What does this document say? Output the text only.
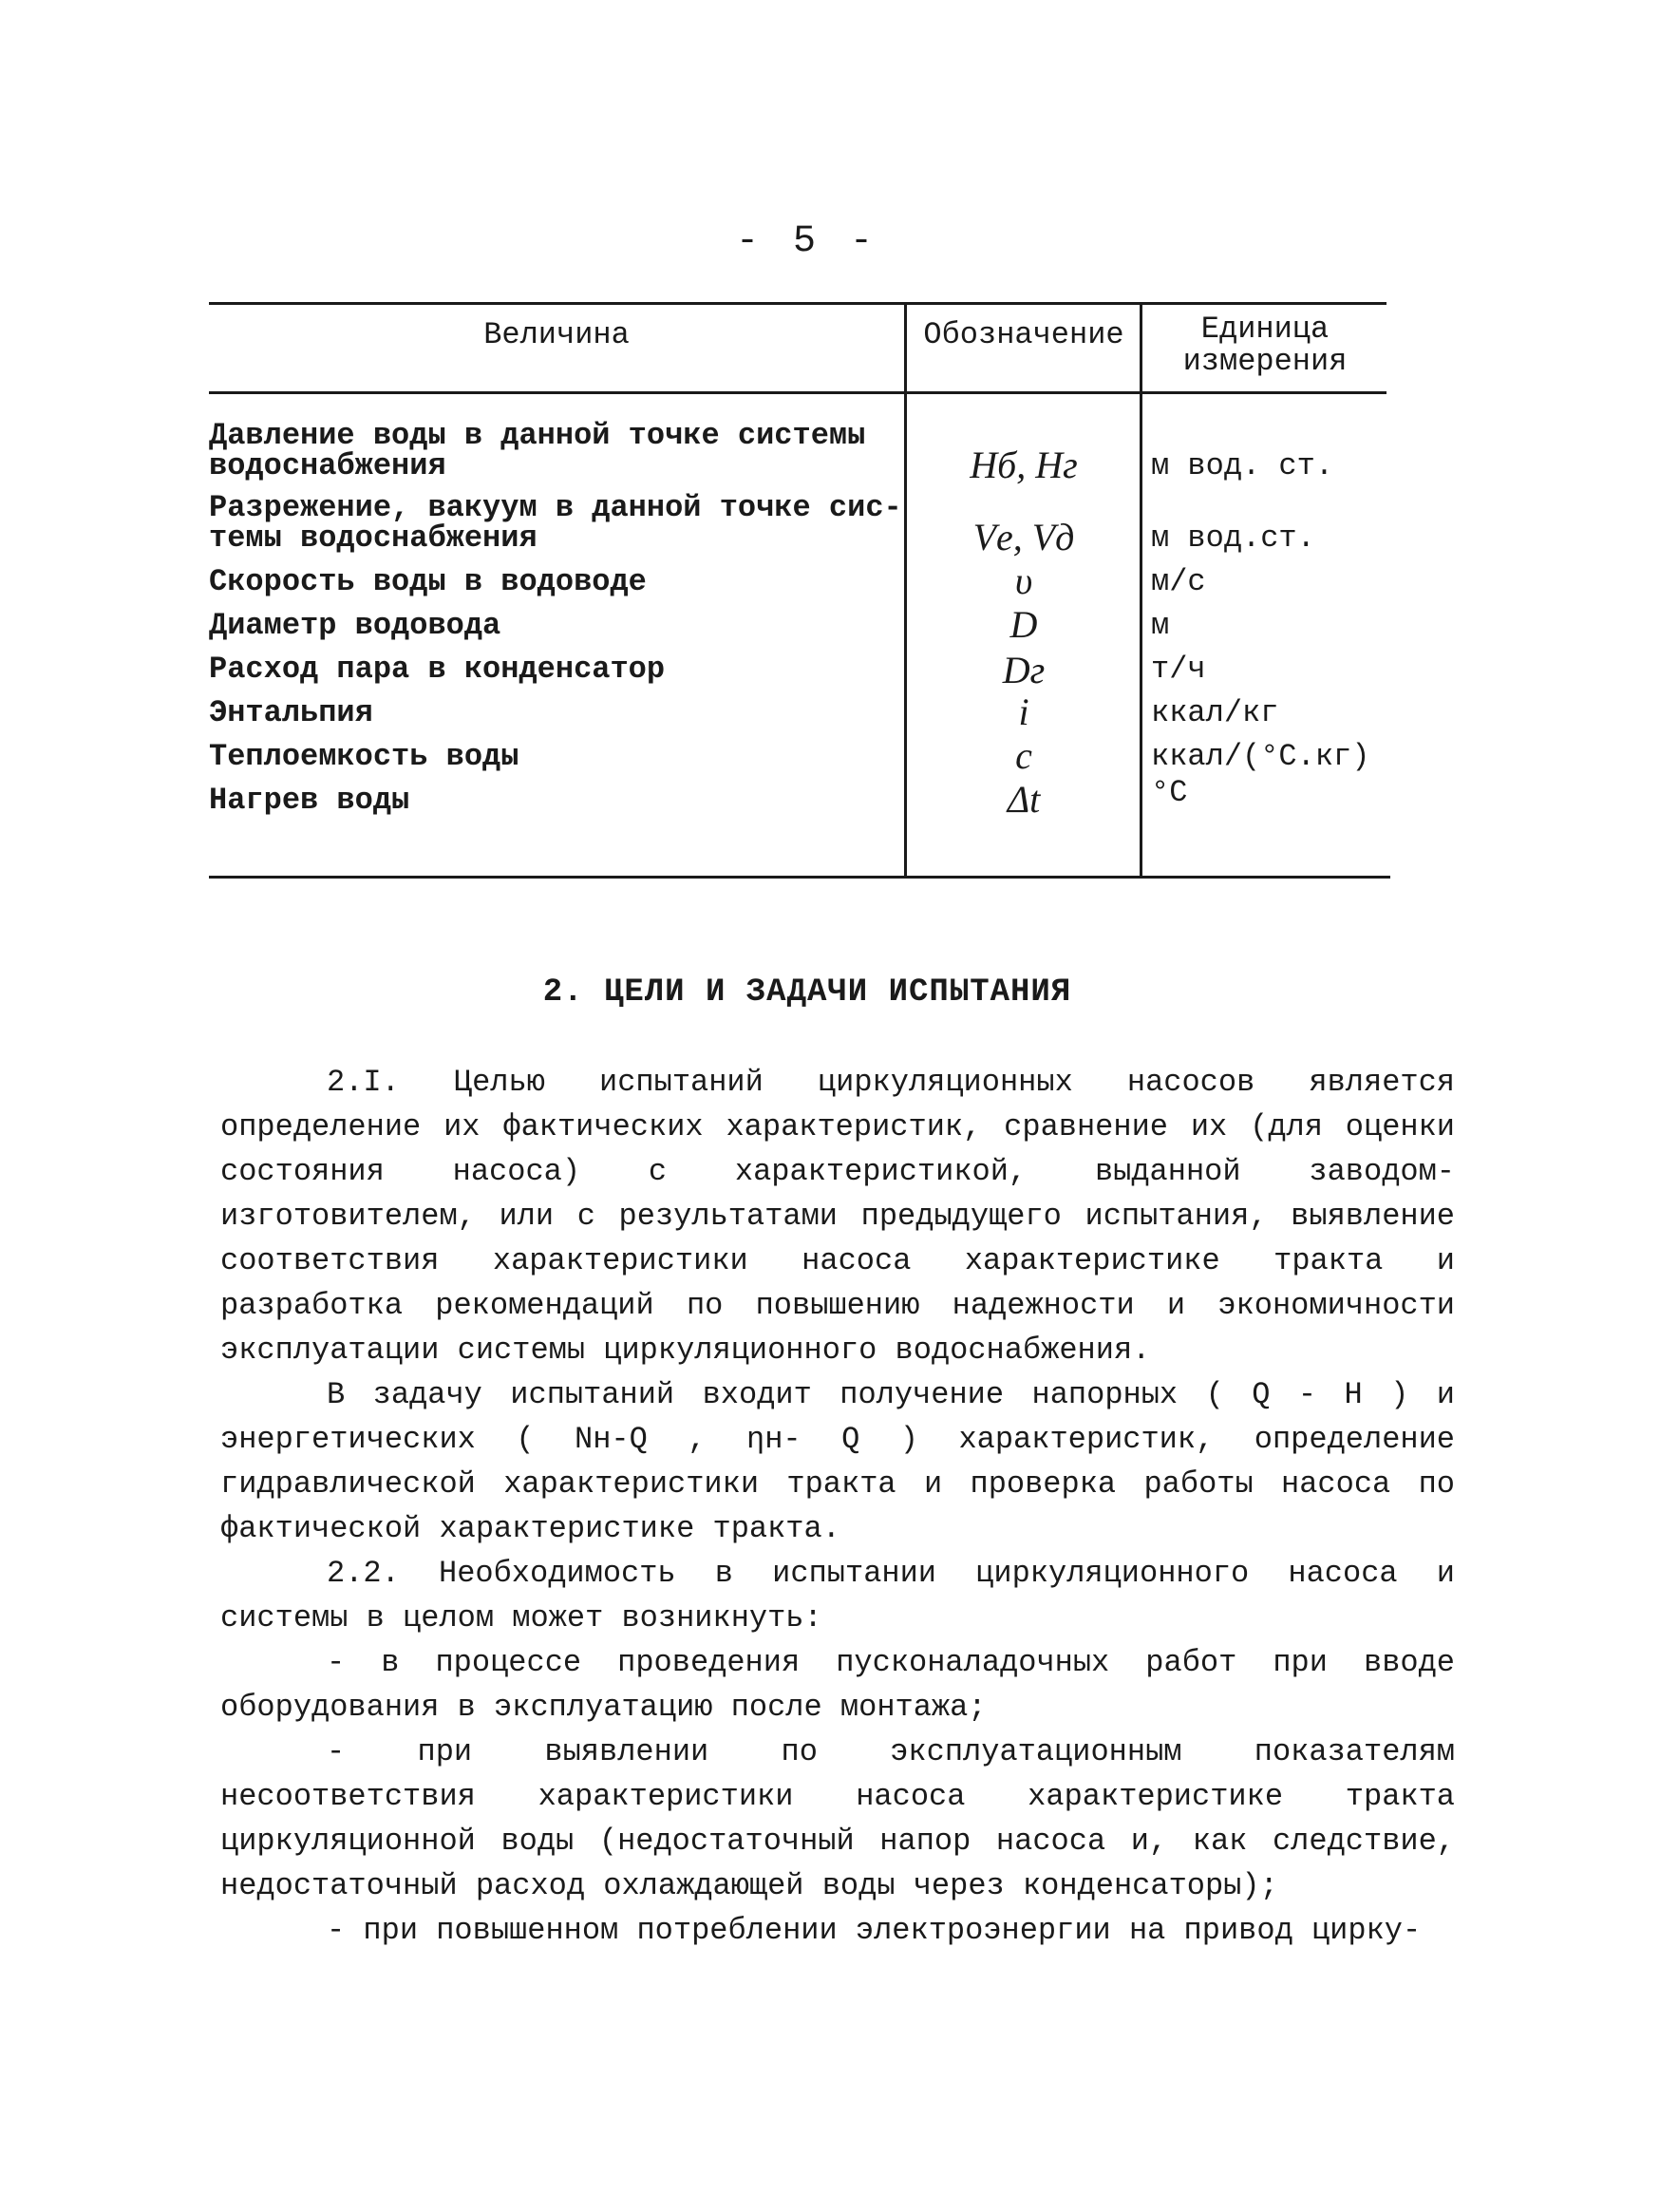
- 5 -
Величина	Обозначение	Единица
измерения
Давление воды в данной точке системы
водоснабжения	Hб, Hг	м вод. ст.
Разрежение, вакуум в данной точке сис-
темы водоснабжения	Vе, Vд	м вод.ст.
Скорость воды в водоводе	υ	м/с
Диаметр водовода	D	м
Расход пара в конденсатор	Dг	т/ч
Энтальпия	i	ккал/кг
Теплоемкость воды	c	ккал/(°С.кг)
Нагрев воды	Δt	°С
2. ЦЕЛИ И ЗАДАЧИ ИСПЫТАНИЯ

2.I. Целью испытаний циркуляционных насосов является определение их фактических характеристик, сравнение их (для оценки состояния насоса) с характеристикой, выданной заводом-изготовителем, или с результатами предыдущего испытания, выявление соответствия характеристики насоса характеристике тракта и разработка рекомендаций по повышению надежности и экономичности эксплуатации системы циркуляционного водоснабжения.

В задачу испытаний входит получение напорных ( Q - H ) и энергетических ( Nн-Q , ηн- Q ) характеристик, определение гидравлической характеристики тракта и проверка работы насоса по фактической характеристике тракта.

2.2. Необходимость в испытании циркуляционного насоса и системы в целом может возникнуть:

- в процессе проведения пусконаладочных работ при вводе оборудования в эксплуатацию после монтажа;

- при выявлении по эксплуатационным показателям несоответствия характеристики насоса характеристике тракта циркуляционной воды (недостаточный напор насоса и, как следствие, недостаточный расход охлаждающей воды через конденсаторы);

- при повышенном потреблении электроэнергии на привод цирку-
